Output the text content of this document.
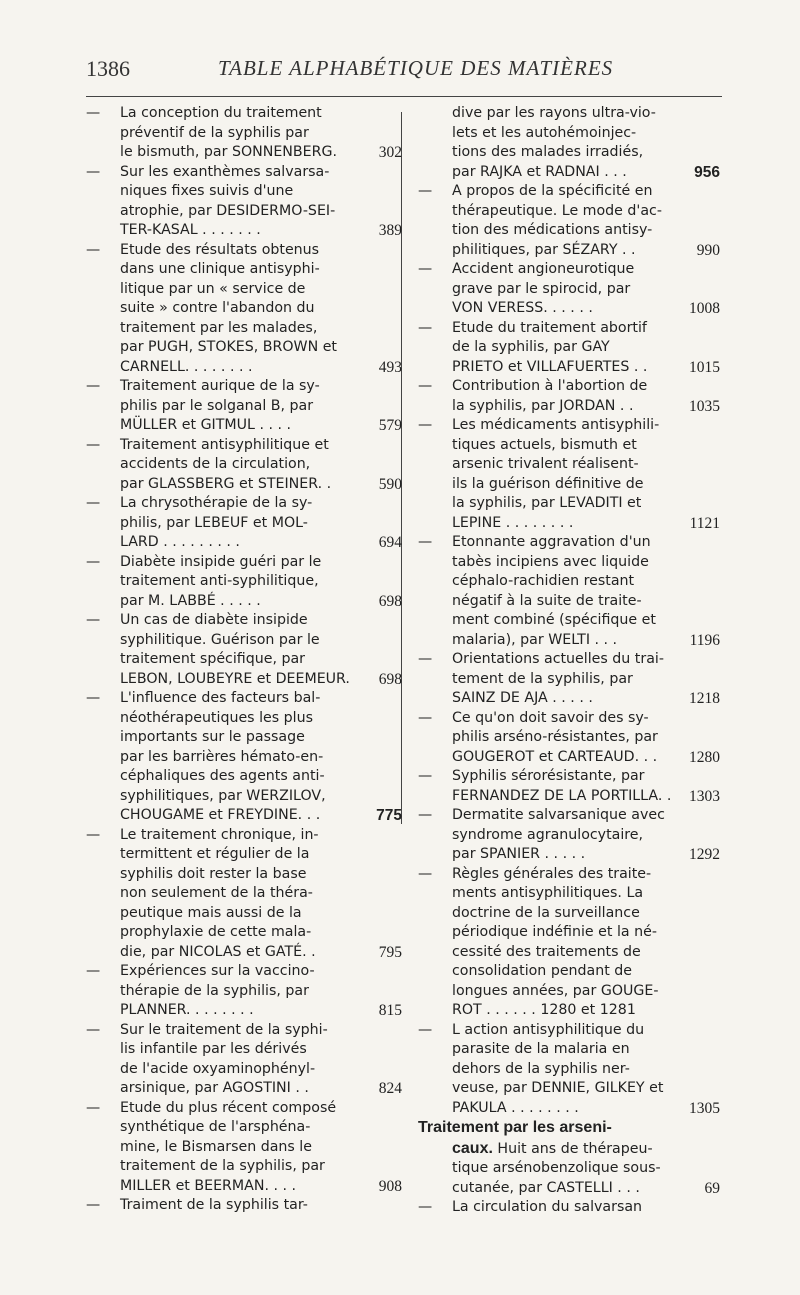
1386	TABLE ALPHABÉTIQUE DES MATIÈRES
— La conception du traitement
préventif de la syphilis par
le bismuth, par SONNENBERG.	302
— Sur les exanthèmes salvarsa-
niques fixes suivis d'une
atrophie, par DESIDERMO-SEI-
TER-KASAL . . . . . . .	389
— Etude des résultats obtenus
dans une clinique antisyphi-
litique par un « service de
suite » contre l'abandon du
traitement par les malades,
par PUGH, STOKES, BROWN et
CARNELL. . . . . . . .	493
— Traitement aurique de la sy-
philis par le solganal B, par
MÜLLER et GITMUL . . . .	579
— Traitement antisyphilitique et
accidents de la circulation,
par GLASSBERG et STEINER. .	590
— La chrysothérapie de la sy-
philis, par LEBEUF et MOL-
LARD . . . . . . . . .	694
— Diabète insipide guéri par le
traitement anti-syphilitique,
par M. LABBÉ . . . . .	698
— Un cas de diabète insipide
syphilitique. Guérison par le
traitement spécifique, par
LEBON, LOUBEYRE et DEEMEUR. 698
— L'influence des facteurs bal-
néothérapeutiques les plus
importants sur le passage
par les barrières hémato-en-
céphaliques des agents anti-
syphilitiques, par WERZILOV,
CHOUGAME et FREYDINE. . .	775
— Le traitement chronique, in-
termittent et régulier de la
syphilis doit rester la base
non seulement de la théra-
peutique mais aussi de la
prophylaxie de cette mala-
die, par NICOLAS et GATÉ. .	795
— Expériences sur la vaccino-
thérapie de la syphilis, par
PLANNER. . . . . . . .	815
— Sur le traitement de la syphi-
lis infantile par les dérivés
de l'acide oxyaminophényl-
arsinique, par AGOSTINI . .	824
— Etude du plus récent composé
synthétique de l'arsphéna-
mine, le Bismarsen dans le
traitement de la syphilis, par
MILLER et BEERMAN. . . .	908
— Traiment de la syphilis tar-
dive par les rayons ultra-vio-
lets et les autohémoinjec-
tions des malades irradiés,
par RAJKA et RADNAI . . .	956
— A propos de la spécificité en
thérapeutique. Le mode d'ac-
tion des médications antisy-
philitiques, par SÉZARY . .	990
— Accident angioneurotique
grave par le spirocid, par
VON VERESS. . . . . .	1008
— Etude du traitement abortif
de la syphilis, par GAY
PRIETO et VILLAFUERTES . .	1015
— Contribution à l'abortion de
la syphilis, par JORDAN . .	1035
— Les médicaments antisyphili-
tiques actuels, bismuth et
arsenic trivalent réalisent-
ils la guérison définitive de
la syphilis, par LEVADITI et
LEPINE . . . . . . . .	1121
— Etonnante aggravation d'un
tabès incipiens avec liquide
céphalo-rachidien restant
négatif à la suite de traite-
ment combiné (spécifique et
malaria), par WELTI . . .	1196
— Orientations actuelles du trai-
tement de la syphilis, par
SAINZ DE AJA . . . . .	1218
— Ce qu'on doit savoir des sy-
philis arséno-résistantes, par
GOUGEROT et CARTEAUD. . . 1280
— Syphilis sérorésistante, par
FERNANDEZ DE LA PORTILLA. . 1303
— Dermatite salvarsanique avec
syndrome agranulocytaire,
par SPANIER . . . . .	1292
— Règles générales des traite-
ments antisyphilitiques. La
doctrine de la surveillance
périodique indéfinie et la né-
cessité des traitements de
consolidation pendant de
longues années, par GOUGE-
ROT . . . . . . 1280 et 1281
— L action antisyphilitique du
parasite de la malaria en
dehors de la syphilis ner-
veuse, par DENNIE, GILKEY et
PAKULA . . . . . . . .	1305
Traitement par les arseni-
caux. Huit ans de thérapeu-
tique arsénobenzolique sous-
cutanée, par CASTELLI . . .	69
— La circulation du salvarsan
